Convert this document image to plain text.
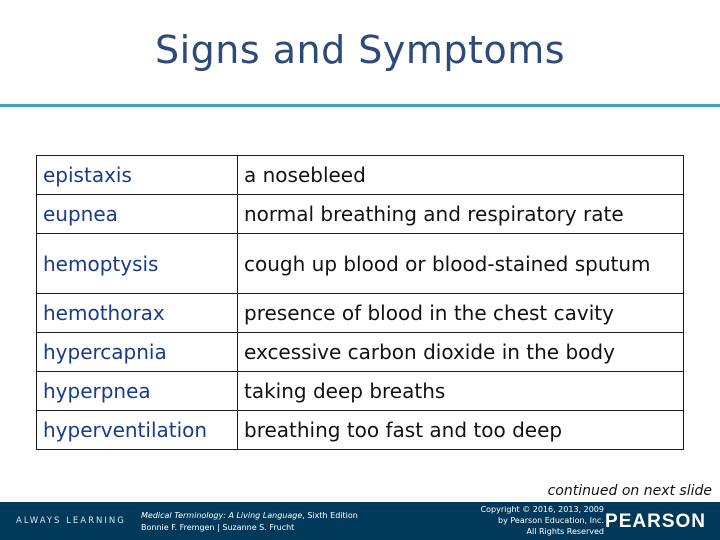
Signs and Symptoms
epistaxis	a nosebleed
eupnea	normal breathing and respiratory rate
hemoptysis	cough up blood or blood-stained sputum
hemothorax	presence of blood in the chest cavity
hypercapnia	excessive carbon dioxide in the body
hyperpnea	taking deep breaths
hyperventilation	breathing too fast and too deep
continued on next slide
ALWAYS LEARNING
Medical Terminology: A Living Language, Sixth Edition
Bonnie F. Fremgen | Suzanne S. Frucht
Copyright © 2016, 2013, 2009
by Pearson Education, Inc.
All Rights Reserved PEARSON
